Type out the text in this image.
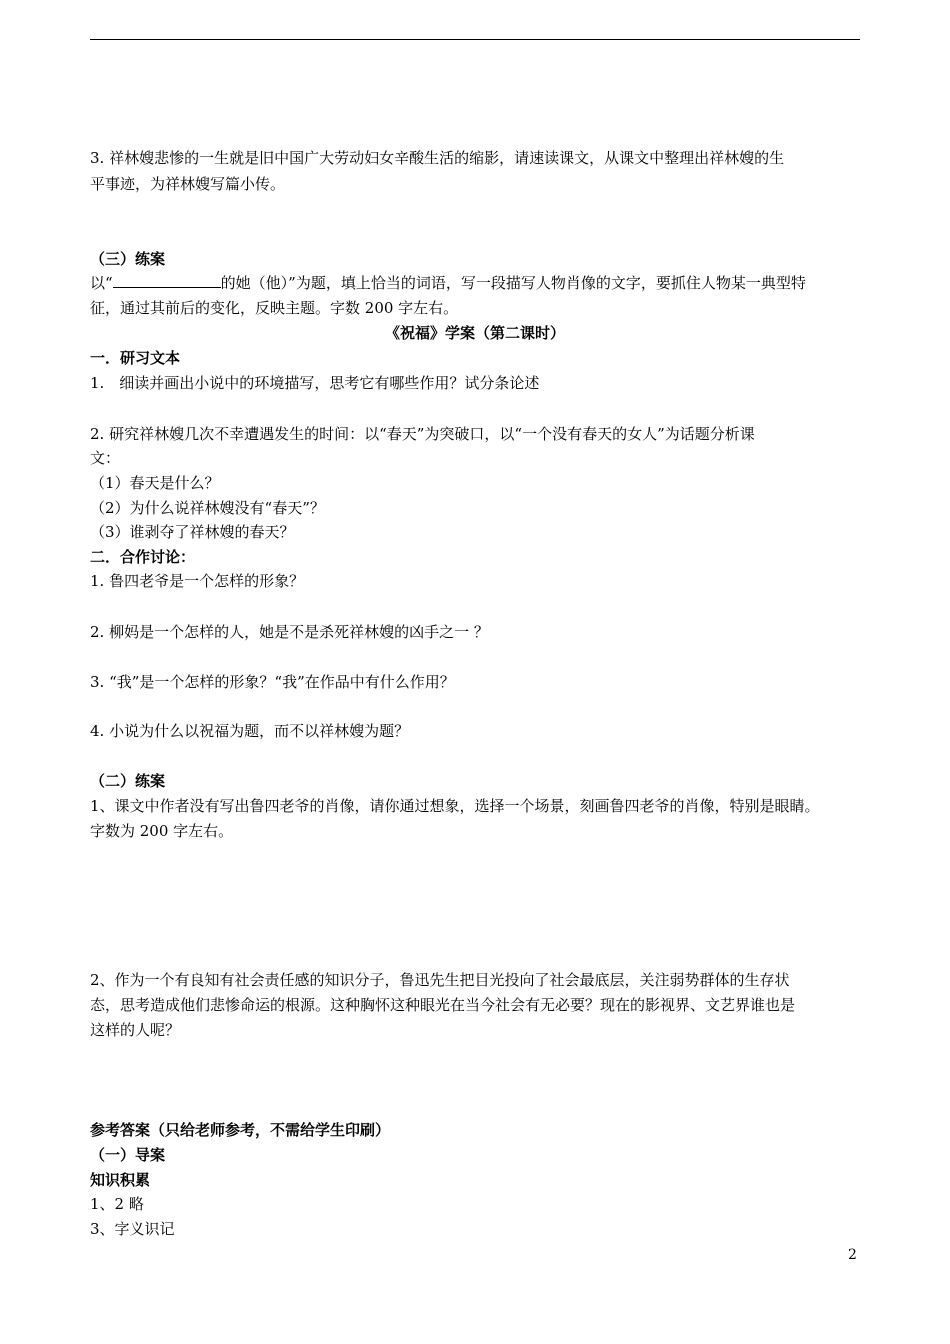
3. 祥林嫂悲惨的一生就是旧中国广大劳动妇女辛酸生活的缩影，请速读课文，从课文中整理出祥林嫂的生
平事迹，为祥林嫂写篇小传。
（三）练案
以“	的她（他）”为题，填上恰当的词语，写一段描写人物肖像的文字，要抓住人物某一典型特
征，通过其前后的变化，反映主题。字数 200 字左右。
《祝福》学案（第二课时）
一．研习文本
1.　细读并画出小说中的环境描写，思考它有哪些作用？试分条论述
2. 研究祥林嫂几次不幸遭遇发生的时间：以“春天”为突破口，以“一个没有春天的女人”为话题分析课
文：
（1）春天是什么？
（2）为什么说祥林嫂没有“春天”？
（3）谁剥夺了祥林嫂的春天？
二．合作讨论：
1. 鲁四老爷是一个怎样的形象？
2. 柳妈是一个怎样的人，她是不是杀死祥林嫂的凶手之一 ？
3. “我”是一个怎样的形象？“我”在作品中有什么作用？
4. 小说为什么以祝福为题，而不以祥林嫂为题？
（二）练案
1、课文中作者没有写出鲁四老爷的肖像，请你通过想象，选择一个场景，刻画鲁四老爷的肖像，特别是眼睛。
字数为 200 字左右。
2、作为一个有良知有社会责任感的知识分子，鲁迅先生把目光投向了社会最底层，关注弱势群体的生存状
态，思考造成他们悲惨命运的根源。这种胸怀这种眼光在当今社会有无必要？现在的影视界、文艺界谁也是
这样的人呢？
参考答案（只给老师参考，不需给学生印刷）
（一）导案
知识积累
1、2 略
3、字义识记
2
